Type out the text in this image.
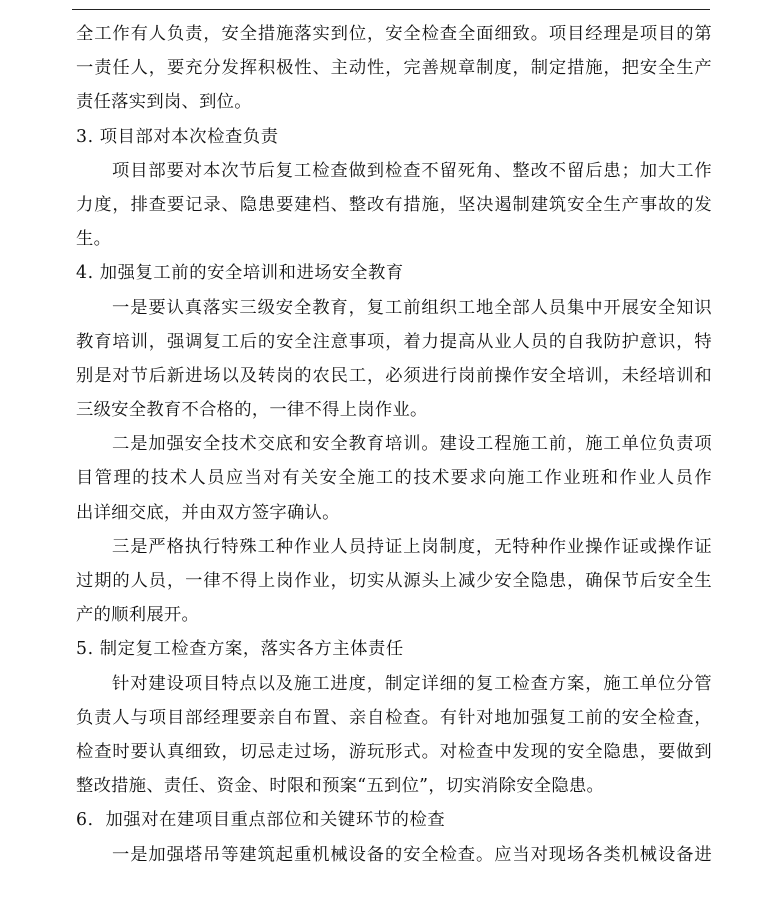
全工作有人负责，安全措施落实到位，安全检查全面细致。项目经理是项目的第
一责任人，要充分发挥积极性、主动性，完善规章制度，制定措施，把安全生产
责任落实到岗、到位。
3. 项目部对本次检查负责
项目部要对本次节后复工检查做到检查不留死角、整改不留后患；加大工作
力度，排查要记录、隐患要建档、整改有措施，坚决遏制建筑安全生产事故的发
生。
4. 加强复工前的安全培训和进场安全教育
一是要认真落实三级安全教育，复工前组织工地全部人员集中开展安全知识
教育培训，强调复工后的安全注意事项，着力提高从业人员的自我防护意识，特
别是对节后新进场以及转岗的农民工，必须进行岗前操作安全培训，未经培训和
三级安全教育不合格的，一律不得上岗作业。
二是加强安全技术交底和安全教育培训。建设工程施工前，施工单位负责项
目管理的技术人员应当对有关安全施工的技术要求向施工作业班和作业人员作
出详细交底，并由双方签字确认。
三是严格执行特殊工种作业人员持证上岗制度，无特种作业操作证或操作证
过期的人员，一律不得上岗作业，切实从源头上减少安全隐患，确保节后安全生
产的顺利展开。
5. 制定复工检查方案，落实各方主体责任
针对建设项目特点以及施工进度，制定详细的复工检查方案，施工单位分管
负责人与项目部经理要亲自布置、亲自检查。有针对地加强复工前的安全检查，
检查时要认真细致，切忌走过场，游玩形式。对检查中发现的安全隐患，要做到
整改措施、责任、资金、时限和预案“五到位”，切实消除安全隐患。
6．加强对在建项目重点部位和关键环节的检查
一是加强塔吊等建筑起重机械设备的安全检查。应当对现场各类机械设备进
